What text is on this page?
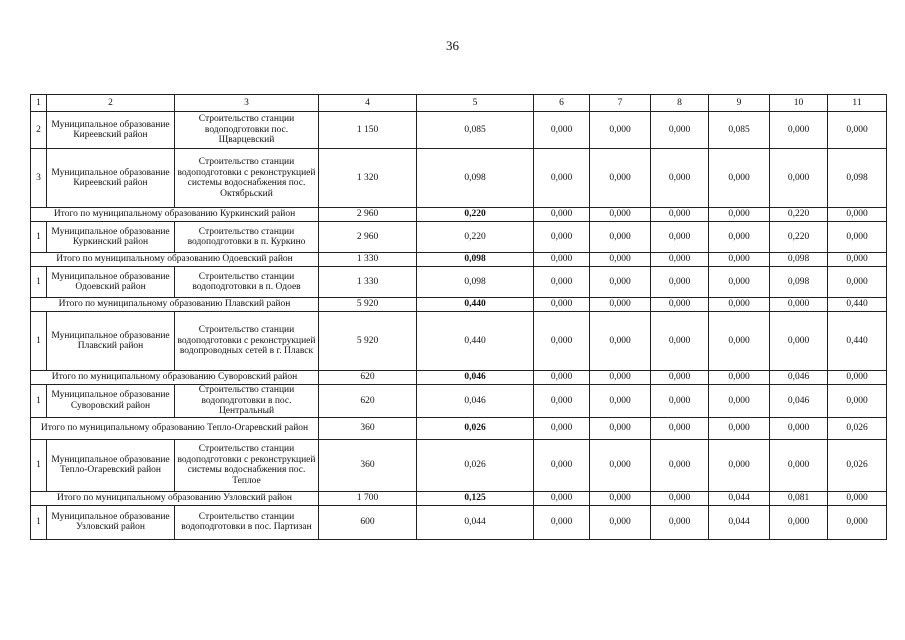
36
1	2	3	4	5	6	7	8	9	10	11
2	Муниципальное образование Киреевский район	Строительство станции водоподготовки пос. Щварцевский	1 150	0,085	0,000	0,000	0,000	0,085	0,000	0,000
3	Муниципальное образование Киреевский район	Строительство станции водоподготовки с реконструкцией системы водоснабжения пос. Октябрьский	1 320	0,098	0,000	0,000	0,000	0,000	0,000	0,098
Итого по муниципальному образованию Куркинский район			2 960	0,220	0,000	0,000	0,000	0,000	0,220	0,000
1	Муниципальное образование Куркинский район	Строительство станции водоподготовки в п. Куркино	2 960	0,220	0,000	0,000	0,000	0,000	0,220	0,000
Итого по муниципальному образованию Одоевский район			1 330	0,098	0,000	0,000	0,000	0,000	0,098	0,000
1	Муниципальное образование Одоевский район	Строительство станции водоподготовки в п. Одоев	1 330	0,098	0,000	0,000	0,000	0,000	0,098	0,000
Итого по муниципальному образованию Плавский район			5 920	0,440	0,000	0,000	0,000	0,000	0,000	0,440
1	Муниципальное образование Плавский район	Строительство станции водоподготовки с реконструкцией водопроводных сетей в г. Плавск	5 920	0,440	0,000	0,000	0,000	0,000	0,000	0,440
Итого по муниципальному образованию Суворовский район			620	0,046	0,000	0,000	0,000	0,000	0,046	0,000
1	Муниципальное образование Суворовский район	Строительство станции водоподготовки в пос. Центральный	620	0,046	0,000	0,000	0,000	0,000	0,046	0,000
Итого по муниципальному образованию Тепло-Огаревский район			360	0,026	0,000	0,000	0,000	0,000	0,000	0,026
1	Муниципальное образование Тепло-Огаревский район	Строительство станции водоподготовки с реконструкцией системы водоснабжения пос. Теплое	360	0,026	0,000	0,000	0,000	0,000	0,000	0,026
Итого по муниципальному образованию Узловский район			1 700	0,125	0,000	0,000	0,000	0,044	0,081	0,000
1	Муниципальное образование Узловский район	Строительство станции водоподготовки в пос. Партизан	600	0,044	0,000	0,000	0,000	0,044	0,000	0,000
